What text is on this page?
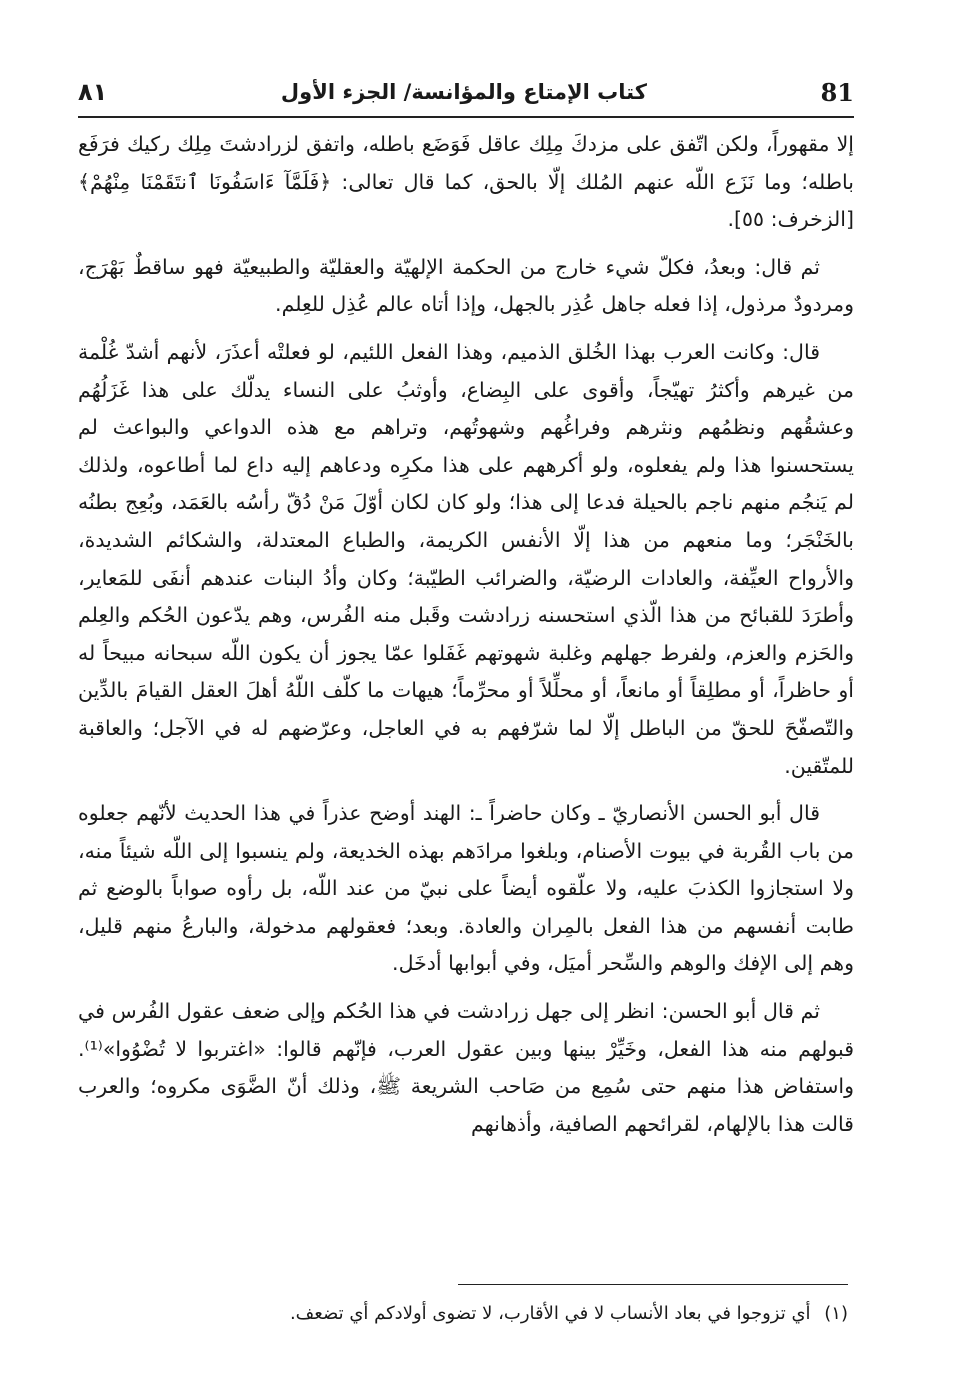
٨١	كتاب الإمتاع والمؤانسة/ الجزء الأول	81

إلا مقهوراً، ولكن اتّفق على مزدكَ مِلِك عاقل فَوَضَع باطله، واتفق لزرادشتَ مِلِك ركيك فرَفَع باطله؛ وما نَزَع اللّه عنهم المُلك إلّا بالحق، كما قال تعالى: ﴿فَلَمَّآ ءَاسَفُونَا ٱنتَقَمْنَا مِنْهُمْ﴾ [الزخرف: ٥٥].

ثم قال: وبعدُ، فكلّ شيء خارج من الحكمة الإلهيّة والعقليّة والطبيعيّة فهو ساقطٌ بَهْرَج، ومردودٌ مرذول، إذا فعله جاهل عُذِر بالجهل، وإذا أتاه عالم عُذِل للعِلم.

قال: وكانت العرب بهذا الخُلق الذميم، وهذا الفعل اللئيم، لو فعلتْه أعذَرَ، لأنهم أشدّ غُلْمة من غيرهم وأكثرُ تهيّجاً، وأقوى على البِضاع، وأوثبُ على النساء يدلّك على هذا غَزَلُهُم وعشقُهم ونظمُهم ونثرهم وفراغُهم وشهوتُهم، وتراهم مع هذه الدواعي والبواعث لم يستحسنوا هذا ولم يفعلوه، ولو أكرههم على هذا مكرِه ودعاهم إليه داع لما أطاعوه، ولذلك لم يَنجُم منهم ناجم بالحيلة فدعا إلى هذا؛ ولو كان لكان أوّلَ مَنْ دُقّ رأسُه بالعَمَد، وبُعِج بطنُه بالخَنْجَر؛ وما منعهم من هذا إلّا الأنفس الكريمة، والطباع المعتدلة، والشكائم الشديدة، والأرواح العيِّفة، والعادات الرضيّة، والضرائب الطيّبة؛ وكان وأدُ البنات عندهم أنفَى للمَعاير، وأطرَدَ للقبائح من هذا الّذي استحسنه زرادشت وقَبل منه الفُرس، وهم يدّعون الحُكم والعِلم والحَزم والعزم، ولفرط جهلهم وغلبة شهوتهم غَفَلوا عمّا يجوز أن يكون اللّه سبحانه مبيحاً له أو حاظراً، أو مطلِقاً أو مانعاً، أو محلِّلاً أو محرِّماً؛ هيهات ما كلّف اللّهُ أهلَ العقل القيامَ بالدِّين والتّصفّحَ للحقّ من الباطل إلّا لما شرّفهم به في العاجل، وعرّضهم له في الآجل؛ والعاقبة للمتّقين.

قال أبو الحسن الأنصاريّ ـ وكان حاضراً ـ: الهند أوضح عذراً في هذا الحديث لأنّهم جعلوه من باب القُربة في بيوت الأصنام، وبلغوا مرادَهم بهذه الخديعة، ولم ينسبوا إلى اللّه شيئاً منه، ولا استجازوا الكذبَ عليه، ولا علّقوه أيضاً على نبيّ من عند اللّه، بل رأوه صواباً بالوضع ثم طابت أنفسهم من هذا الفعل بالمِران والعادة. وبعد؛ فعقولهم مدخولة، والبارعُ منهم قليل، وهم إلى الإفك والوهم والسِّحر أميَل، وفي أبوابها أدخَل.

ثم قال أبو الحسن: انظر إلى جهل زرادشت في هذا الحُكم وإلى ضعف عقول الفُرس في قبولهم منه هذا الفعل، وخَيِّرْ بينها وبين عقول العرب، فإنّهم قالوا: «اغتربوا لا تُضْوُوا»⁽¹⁾. واستفاض هذا منهم حتى سُمِع من صَاحب الشريعة ﷺ، وذلك أنّ الضَّوَى مكروه؛ والعرب قالت هذا بالإلهام، لقرائحهم الصافية، وأذهانهم

(١) أي تزوجوا في بعاد الأنساب لا في الأقارب، لا تضوى أولادكم أي تضعف.
